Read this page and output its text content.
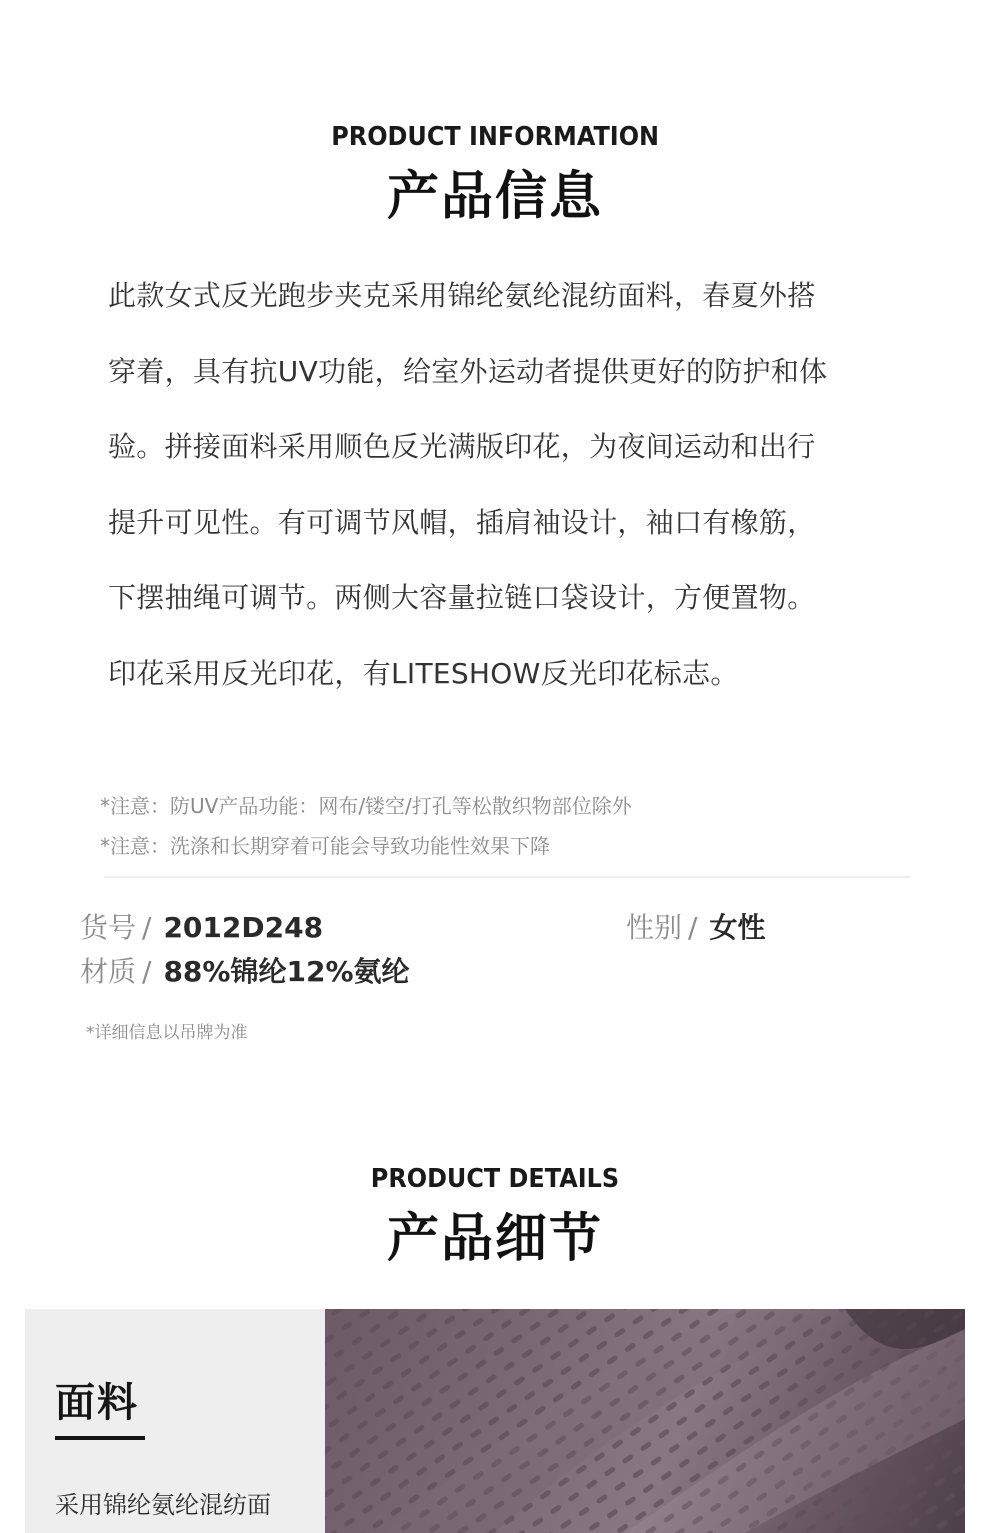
PRODUCT INFORMATION
产品信息
此款女式反光跑步夹克采用锦纶氨纶混纺面料，春夏外搭
穿着，具有抗UV功能，给室外运动者提供更好的防护和体
验。拼接面料采用顺色反光满版印花，为夜间运动和出行
提升可见性。有可调节风帽，插肩袖设计，袖口有橡筋，
下摆抽绳可调节。两侧大容量拉链口袋设计，方便置物。
印花采用反光印花，有LITESHOW反光印花标志。
*注意：防UV产品功能：网布/镂空/打孔等松散织物部位除外
*注意：洗涤和长期穿着可能会导致功能性效果下降
货号 / 2012D248	性别 / 女性
材质 / 88%锦纶12%氨纶
*详细信息以吊牌为准
PRODUCT DETAILS
产品细节
面料
采用锦纶氨纶混纺面
